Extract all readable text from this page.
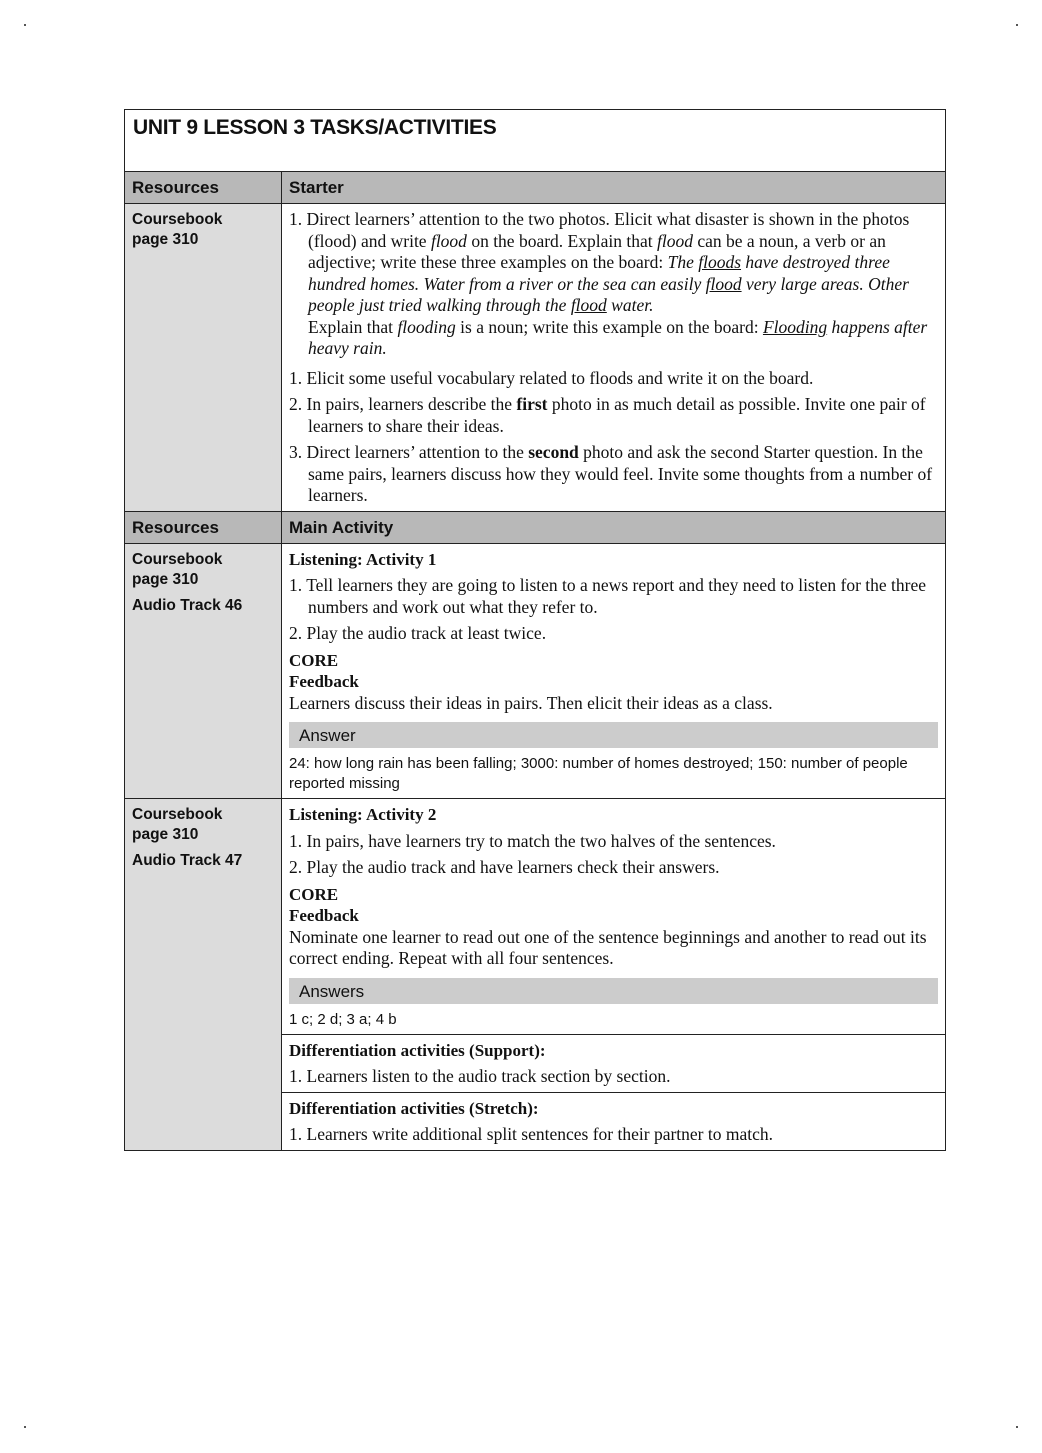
UNIT 9 LESSON 3 TASKS/ACTIVITIES
Resources	Starter
Coursebook
page 310
1. Direct learners’ attention to the two photos. Elicit what disaster is shown in the photos (flood) and write flood on the board. Explain that flood can be a noun, a verb or an adjective; write these three examples on the board: The floods have destroyed three hundred homes. Water from a river or the sea can easily flood very large areas. Other people just tried walking through the flood water.
Explain that flooding is a noun; write this example on the board: Flooding happens after heavy rain.
1. Elicit some useful vocabulary related to floods and write it on the board.
2. In pairs, learners describe the first photo in as much detail as possible. Invite one pair of learners to share their ideas.
3. Direct learners’ attention to the second photo and ask the second Starter question. In the same pairs, learners discuss how they would feel. Invite some thoughts from a number of learners.
Resources	Main Activity
Coursebook
page 310
Audio Track 46
Listening: Activity 1
1. Tell learners they are going to listen to a news report and they need to listen for the three numbers and work out what they refer to.
2. Play the audio track at least twice.
CORE
Feedback
Learners discuss their ideas in pairs. Then elicit their ideas as a class.
Answer
24: how long rain has been falling; 3000: number of homes destroyed; 150: number of people reported missing
Coursebook
page 310
Audio Track 47
Listening: Activity 2
1. In pairs, have learners try to match the two halves of the sentences.
2. Play the audio track and have learners check their answers.
CORE
Feedback
Nominate one learner to read out one of the sentence beginnings and another to read out its correct ending. Repeat with all four sentences.
Answers
1 c; 2 d; 3 a; 4 b
Differentiation activities (Support):
1. Learners listen to the audio track section by section.
Differentiation activities (Stretch):
1. Learners write additional split sentences for their partner to match.
